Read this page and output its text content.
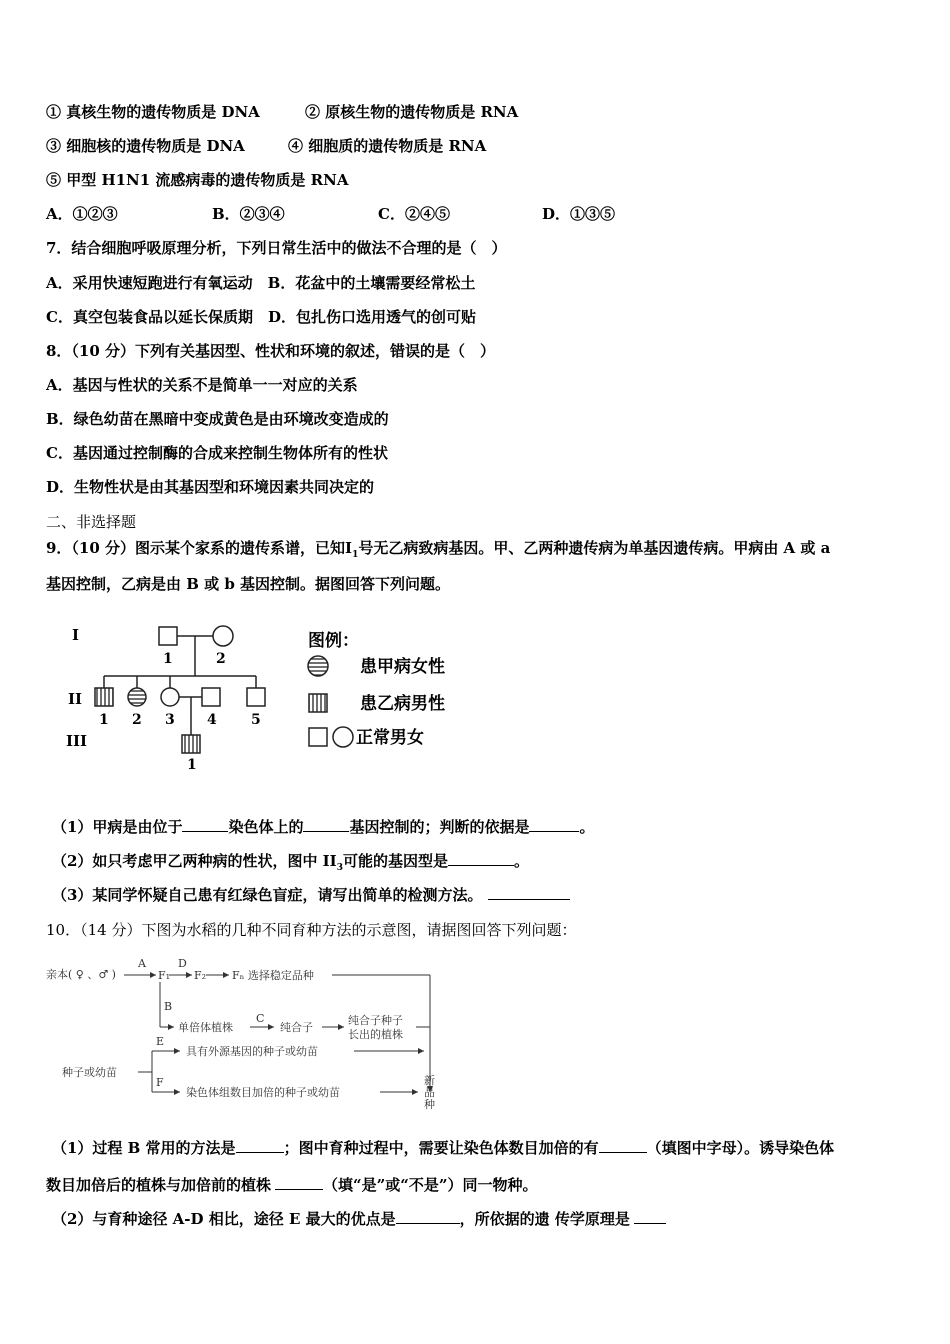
① 真核生物的遗传物质是 DNA	② 原核生物的遗传物质是 RNA
③ 细胞核的遗传物质是 DNA	④ 细胞质的遗传物质是 RNA
⑤ 甲型 H1N1 流感病毒的遗传物质是 RNA
A．①②③	B．②③④	C．②④⑤	D．①③⑤
7．结合细胞呼吸原理分析，下列日常生活中的做法不合理的是（　）
A．采用快速短跑进行有氧运动　B．花盆中的土壤需要经常松土
C．真空包装食品以延长保质期　D．包扎伤口选用透气的创可贴
8．（10 分）下列有关基因型、性状和环境的叙述，错误的是（　）
A．基因与性状的关系不是简单一一对应的关系
B．绿色幼苗在黑暗中变成黄色是由环境改变造成的
C．基因通过控制酶的合成来控制生物体所有的性状
D．生物性状是由其基因型和环境因素共同决定的
二、非选择题
9．（10 分）图示某个家系的遗传系谱，已知$Ⅰ_1$号无乙病致病基因。甲、乙两种遗传病为单基因遗传病。甲病由 A 或 a
基因控制，乙病是由 B 或 b 基因控制。据图回答下列问题。
I
II
III
1	2
1 2 3 4 5
1
图例：
患甲病女性
患乙病男性
正常男女
（1）甲病是由位于	染色体上的	基因控制的；判断的依据是	。
（2）如只考虑甲乙两种病的性状，图中 $II_3$可能的基因型是	。
（3）某同学怀疑自己患有红绿色盲症，请写出简单的检测方法。
10．（14 分）下图为水稻的几种不同育种方法的示意图，请据图回答下列问题：
亲本( ♀ 、♂ )
A
F₁
D
F₂ Fₙ 选择稳定品种
B
单倍体植株
C
纯合子
纯合子种子
长出的植株
种子或幼苗
E
具有外源基因的种子或幼苗
F
染色体组数目加倍的种子或幼苗
新
品
种
（1）过程 B 常用的方法是	；图中育种过程中，需要让染色体数目加倍的有	（填图中字母）。诱导染色体
数目加倍后的植株与加倍前的植株	（填“是”或“不是”）同一物种。
（2）与育种途径 A-D 相比，途径 E 最大的优点是	，所依据的遗 传学原理是
